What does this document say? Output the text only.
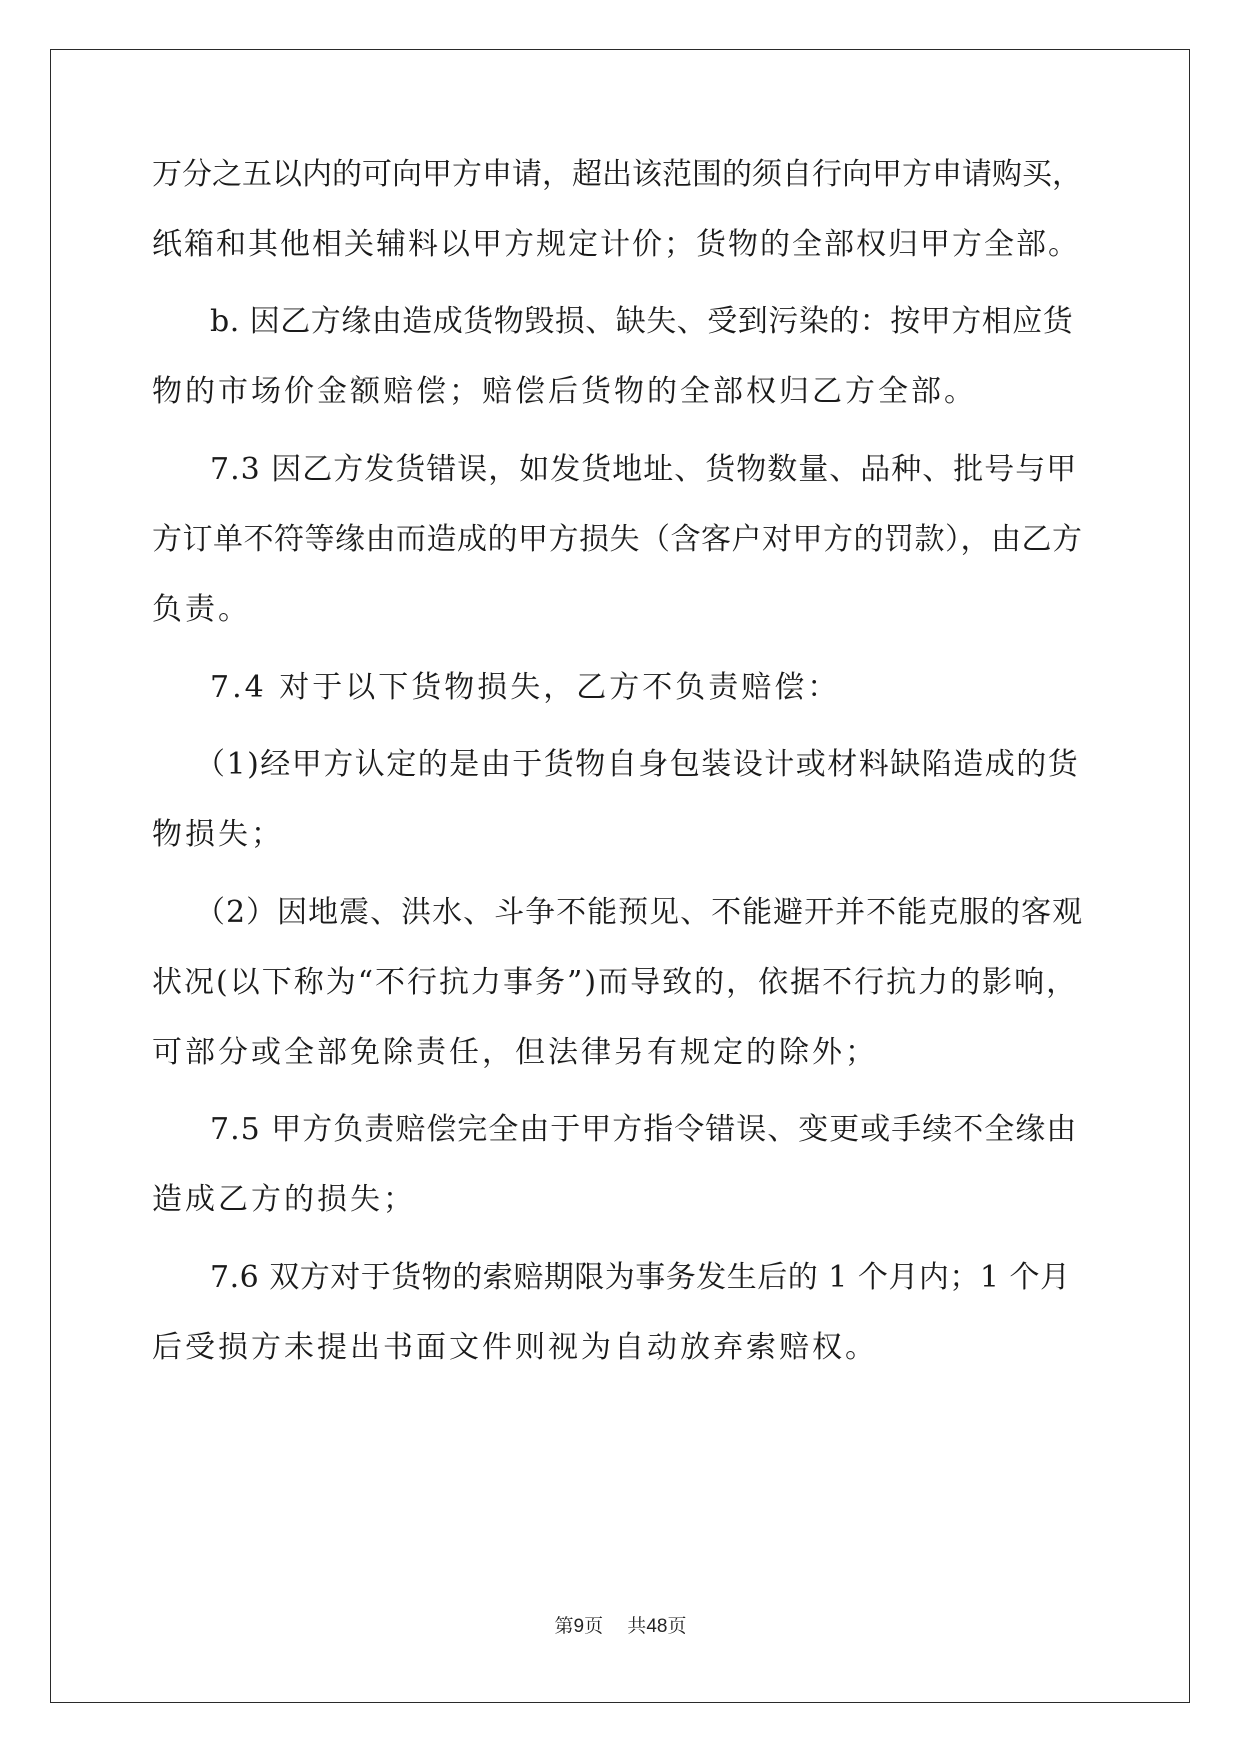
万分之五以内的可向甲方申请，超出该范围的须自行向甲方申请购买，
纸箱和其他相关辅料以甲方规定计价；货物的全部权归甲方全部。
b. 因乙方缘由造成货物毁损、缺失、受到污染的：按甲方相应货
物的市场价金额赔偿；赔偿后货物的全部权归乙方全部。
7.3 因乙方发货错误，如发货地址、货物数量、品种、批号与甲
方订单不符等缘由而造成的甲方损失（含客户对甲方的罚款），由乙方
负责。
7.4 对于以下货物损失，乙方不负责赔偿：
（1)经甲方认定的是由于货物自身包装设计或材料缺陷造成的货
物损失；
（2）因地震、洪水、斗争不能预见、不能避开并不能克服的客观
状况(以下称为“不行抗力事务”)而导致的，依据不行抗力的影响，
可部分或全部免除责任，但法律另有规定的除外；
7.5 甲方负责赔偿完全由于甲方指令错误、变更或手续不全缘由
造成乙方的损失；
7.6 双方对于货物的索赔期限为事务发生后的 1 个月内；1 个月
后受损方未提出书面文件则视为自动放弃索赔权。
第9页 共48页
